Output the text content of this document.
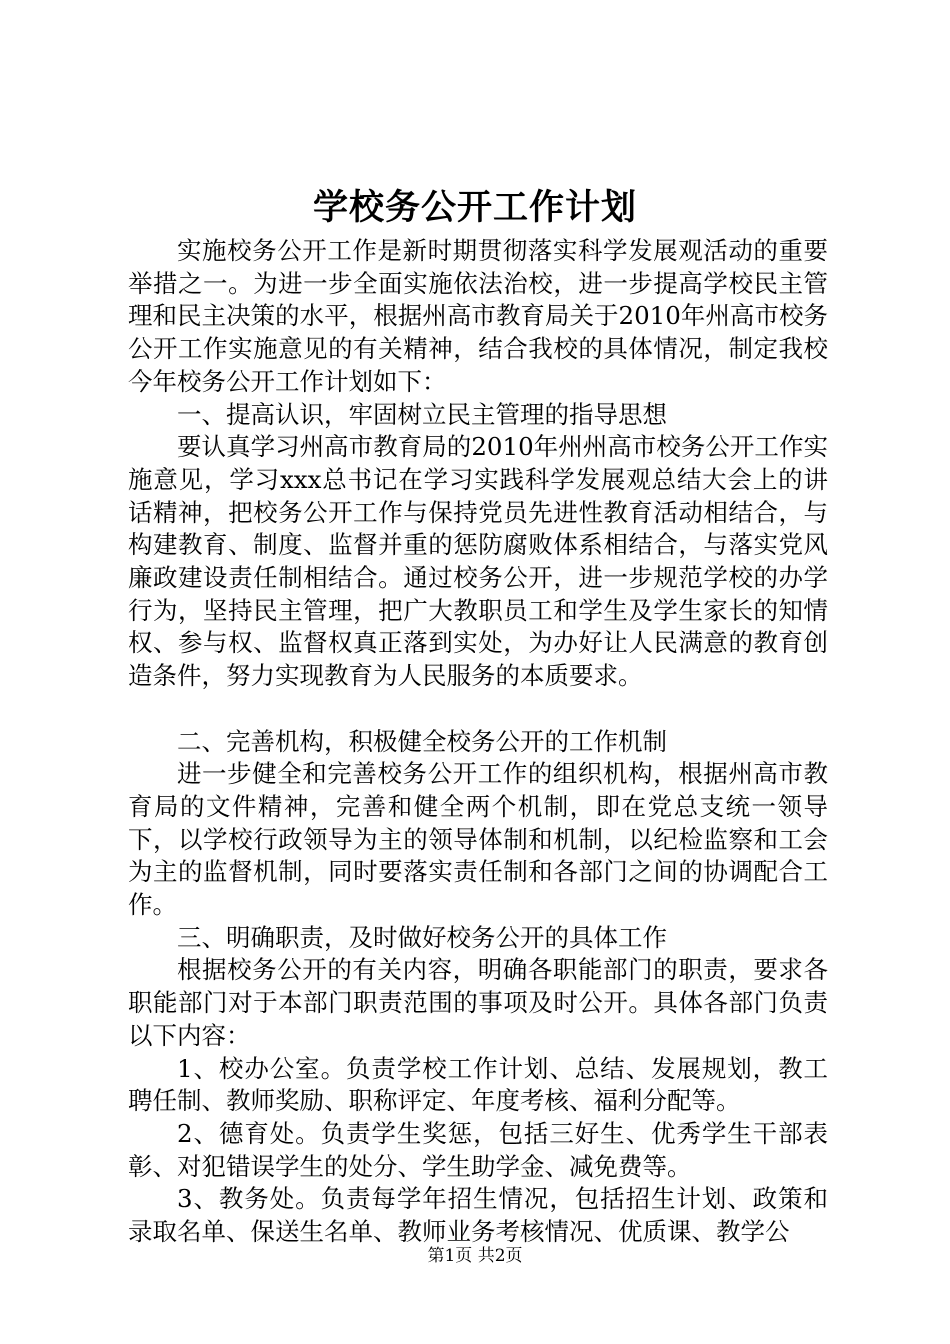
学校务公开工作计划

实施校务公开工作是新时期贯彻落实科学发展观活动的重要举措之一。为进一步全面实施依法治校，进一步提高学校民主管理和民主决策的水平，根据州高市教育局关于2010年州高市校务公开工作实施意见的有关精神，结合我校的具体情况，制定我校今年校务公开工作计划如下：

一、提高认识，牢固树立民主管理的指导思想

要认真学习州高市教育局的2010年州州高市校务公开工作实施意见，学习xxx总书记在学习实践科学发展观总结大会上的讲话精神，把校务公开工作与保持党员先进性教育活动相结合，与构建教育、制度、监督并重的惩防腐败体系相结合，与落实党风廉政建设责任制相结合。通过校务公开，进一步规范学校的办学行为，坚持民主管理，把广大教职员工和学生及学生家长的知情权、参与权、监督权真正落到实处，为办好让人民满意的教育创造条件，努力实现教育为人民服务的本质要求。

二、完善机构，积极健全校务公开的工作机制

进一步健全和完善校务公开工作的组织机构，根据州高市教育局的文件精神，完善和健全两个机制，即在党总支统一领导下，以学校行政领导为主的领导体制和机制，以纪检监察和工会为主的监督机制，同时要落实责任制和各部门之间的协调配合工作。

三、明确职责，及时做好校务公开的具体工作

根据校务公开的有关内容，明确各职能部门的职责，要求各职能部门对于本部门职责范围的事项及时公开。具体各部门负责以下内容：

1、校办公室。负责学校工作计划、总结、发展规划，教工聘任制、教师奖励、职称评定、年度考核、福利分配等。

2、德育处。负责学生奖惩，包括三好生、优秀学生干部表彰、对犯错误学生的处分、学生助学金、减免费等。

3、教务处。负责每学年招生情况，包括招生计划、政策和录取名单、保送生名单、教师业务考核情况、优质课、教学公

第1页 共2页
